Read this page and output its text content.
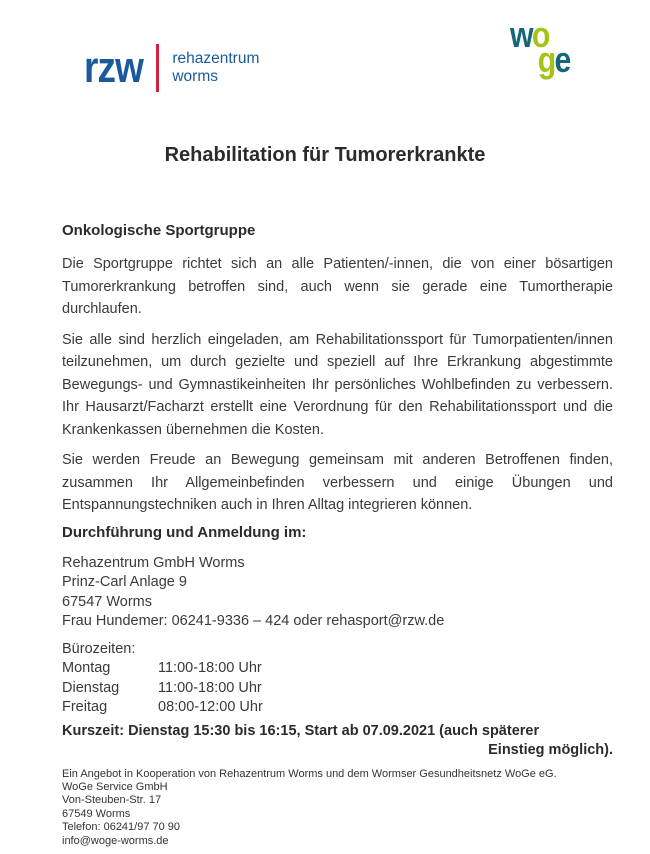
rzw rehazentrum
worms
wo
ge
Rehabilitation für Tumorerkrankte
Onkologische Sportgruppe

Die Sportgruppe richtet sich an alle Patienten/-innen, die von einer bösartigen Tumorerkrankung betroffen sind, auch wenn sie gerade eine Tumortherapie durchlaufen.

Sie alle sind herzlich eingeladen, am Rehabilitationssport für Tumorpatienten/innen teilzunehmen, um durch gezielte und speziell auf Ihre Erkrankung abgestimmte Bewegungs- und Gymnastikeinheiten Ihr persönliches Wohlbefinden zu verbessern. Ihr Hausarzt/Facharzt erstellt eine Verordnung für den Rehabilitationssport und die Krankenkassen übernehmen die Kosten.

Sie werden Freude an Bewegung gemeinsam mit anderen Betroffenen finden, zusammen Ihr Allgemeinbefinden verbessern und einige Übungen und Entspannungstechniken auch in Ihren Alltag integrieren können.

Durchführung und Anmeldung im:
Rehazentrum GmbH Worms
Prinz-Carl Anlage 9
67547 Worms
Frau Hundemer: 06241-9336 – 424 oder rehasport@rzw.de
Bürozeiten:
Montag	11:00-18:00 Uhr
Dienstag	11:00-18:00 Uhr
Freitag	08:00-12:00 Uhr
Kurszeit: Dienstag 15:30 bis 16:15, Start ab 07.09.2021 (auch späterer
Einstieg möglich).
Ein Angebot in Kooperation von Rehazentrum Worms und dem Wormser Gesundheitsnetz WoGe eG.
WoGe Service GmbH
Von-Steuben-Str. 17
67549 Worms
Telefon: 06241/97 70 90
info@woge-worms.de
